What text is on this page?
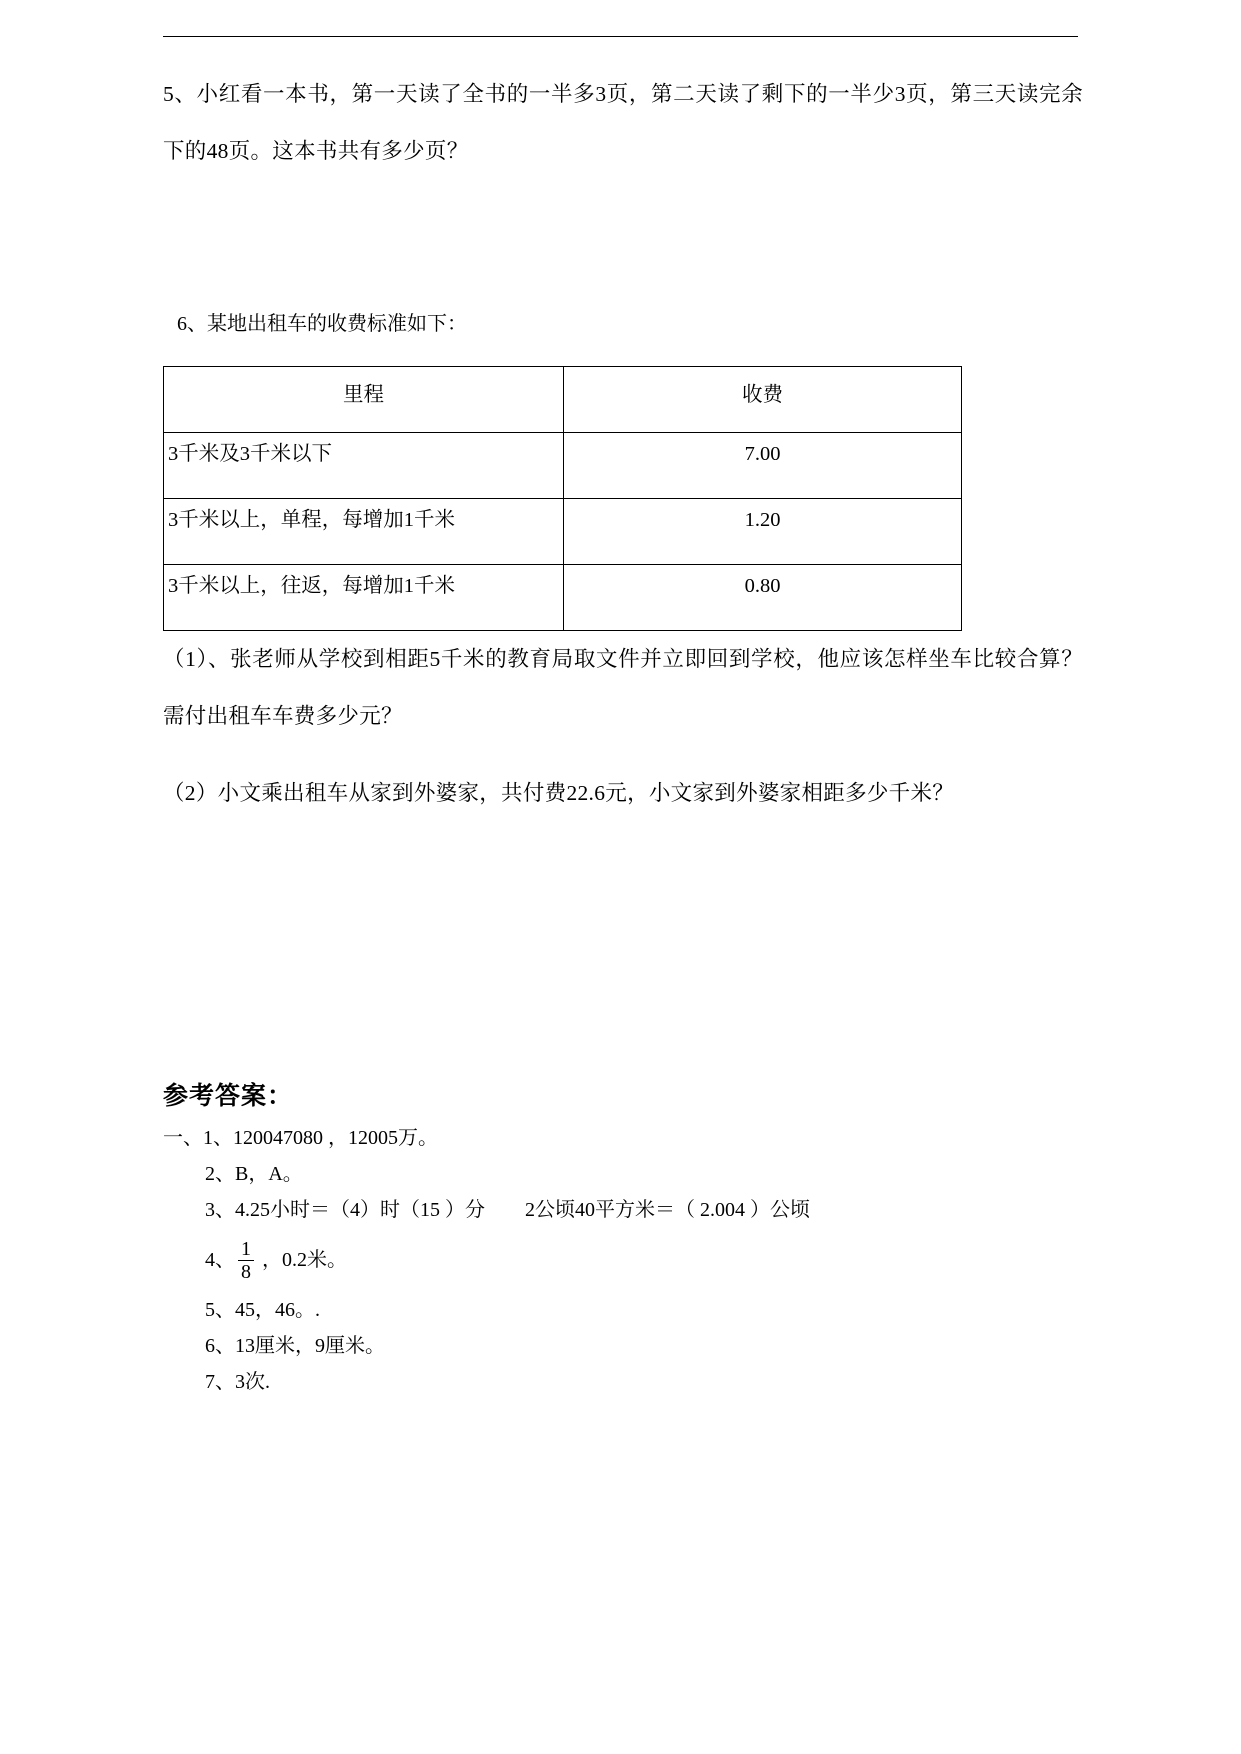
5、小红看一本书，第一天读了全书的一半多3页，第二天读了剩下的一半少3页，第三天读完余下的48页。这本书共有多少页？

6、某地出租车的收费标准如下：

里程	收费
3千米及3千米以下	7.00
3千米以上，单程，每增加1千米	1.20
3千米以上，往返，每增加1千米	0.80

（1）、张老师从学校到相距5千米的教育局取文件并立即回到学校，他应该怎样坐车比较合算？需付出租车车费多少元？

（2）小文乘出租车从家到外婆家，共付费22.6元，小文家到外婆家相距多少千米？

参考答案：
一、1、120047080 ，12005万。
2、B，A。
3、4.25小时＝（4）时（15 ）分        2公顷40平方米＝（ 2.004 ）公顷
4、 $\frac{1}{8}$ ，0.2米。
5、45，46。.
6、13厘米，9厘米。
7、3次.
